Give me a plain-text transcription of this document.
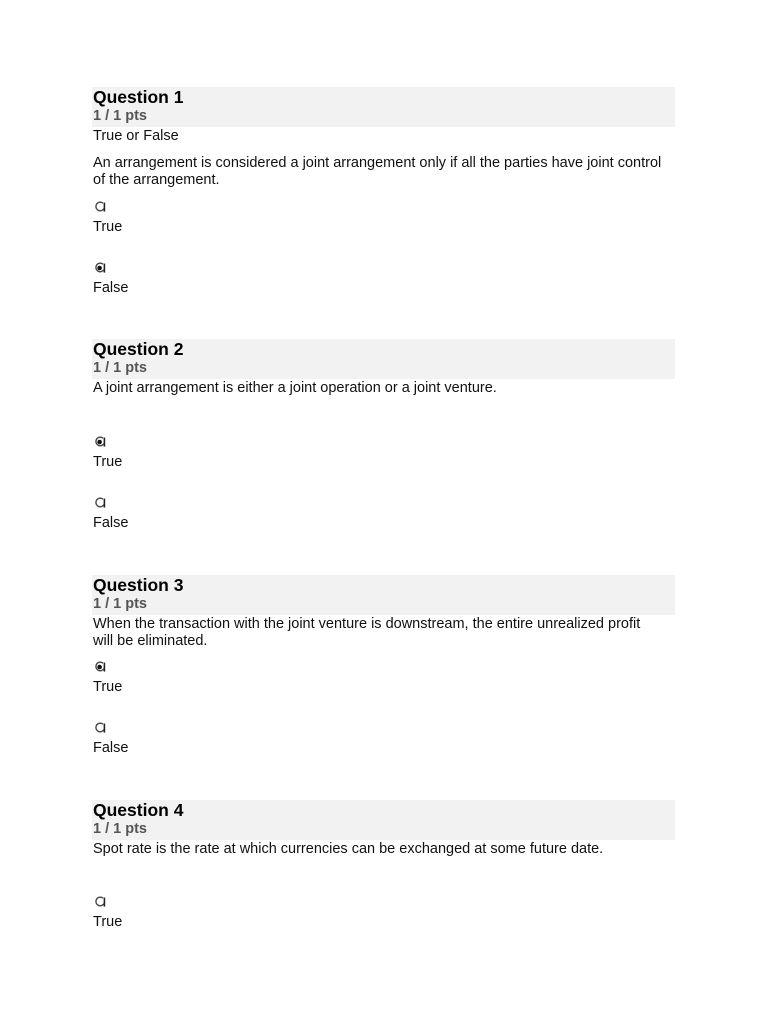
Question 1
1 / 1 pts
True or False
An arrangement is considered a joint arrangement only if all the parties have joint control of the arrangement.
True
False
Question 2
1 / 1 pts
A joint arrangement is either a joint operation or a joint venture.
True
False
Question 3
1 / 1 pts
When the transaction with the joint venture is downstream, the entire unrealized profit will be eliminated.
True
False
Question 4
1 / 1 pts
Spot rate is the rate at which currencies can be exchanged at some future date.
True
